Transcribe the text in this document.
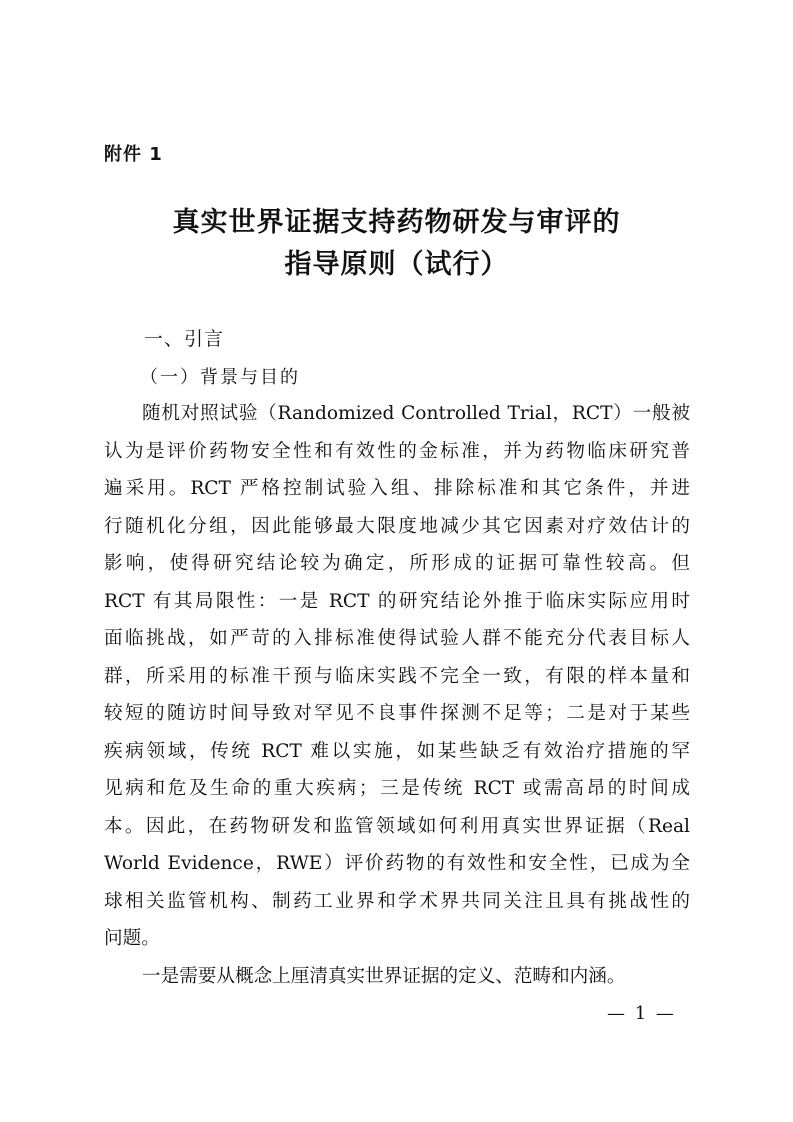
附件 1
真实世界证据支持药物研发与审评的
指导原则（试行）
一、引言
（一）背景与目的
随机对照试验（Randomized Controlled Trial，RCT）一般被
认为是评价药物安全性和有效性的金标准，并为药物临床研究普
遍采用。RCT 严格控制试验入组、排除标准和其它条件，并进
行随机化分组，因此能够最大限度地减少其它因素对疗效估计的
影响，使得研究结论较为确定，所形成的证据可靠性较高。但
RCT 有其局限性：一是 RCT 的研究结论外推于临床实际应用时
面临挑战，如严苛的入排标准使得试验人群不能充分代表目标人
群，所采用的标准干预与临床实践不完全一致，有限的样本量和
较短的随访时间导致对罕见不良事件探测不足等；二是对于某些
疾病领域，传统 RCT 难以实施，如某些缺乏有效治疗措施的罕
见病和危及生命的重大疾病；三是传统 RCT 或需高昂的时间成
本。因此，在药物研发和监管领域如何利用真实世界证据（Real
World Evidence，RWE）评价药物的有效性和安全性，已成为全
球相关监管机构、制药工业界和学术界共同关注且具有挑战性的
问题。
一是需要从概念上厘清真实世界证据的定义、范畴和内涵。
— 1 —
